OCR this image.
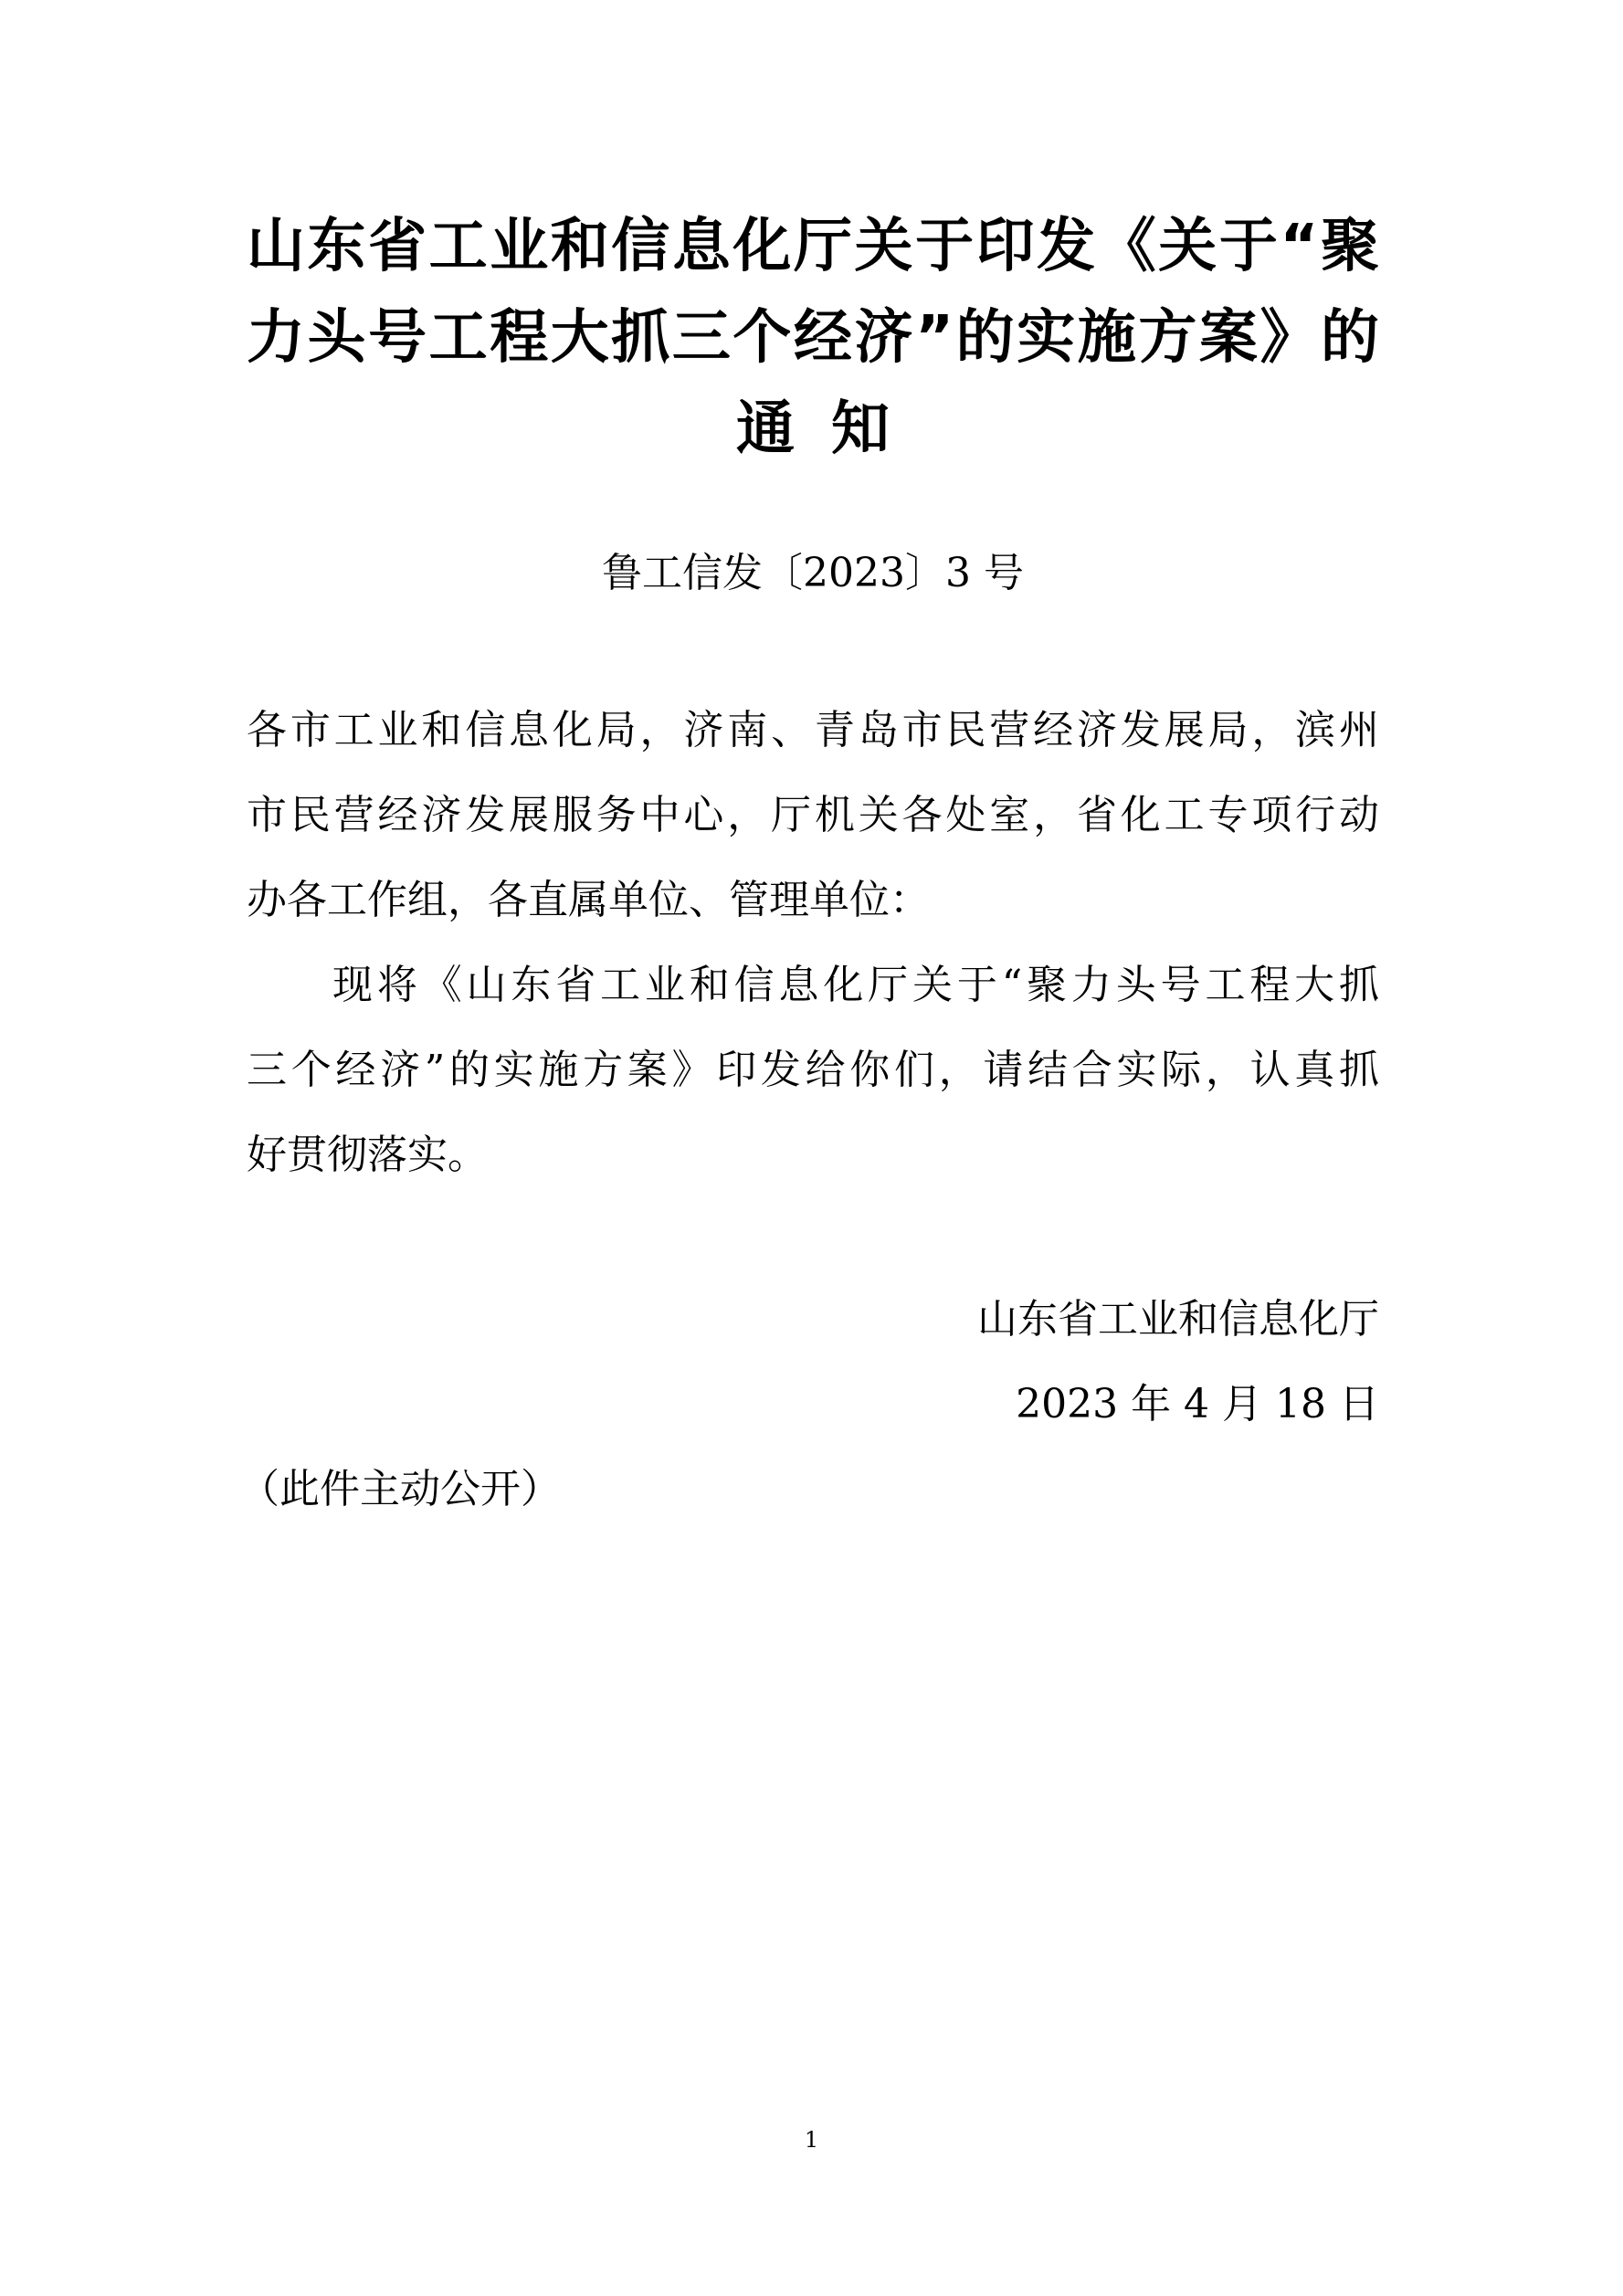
山东省工业和信息化厅关于印发《关于“聚
力头号工程大抓三个经济”的实施方案》的
通知
鲁工信发〔2023〕3 号
各市工业和信息化局，济南、青岛市民营经济发展局，滨州
市民营经济发展服务中心，厅机关各处室，省化工专项行动
办各工作组，各直属单位、管理单位：
现将《山东省工业和信息化厅关于“聚力头号工程大抓
三个经济”的实施方案》印发给你们，请结合实际，认真抓
好贯彻落实。
山东省工业和信息化厅
2023 年 4 月 18 日
（此件主动公开）
1
